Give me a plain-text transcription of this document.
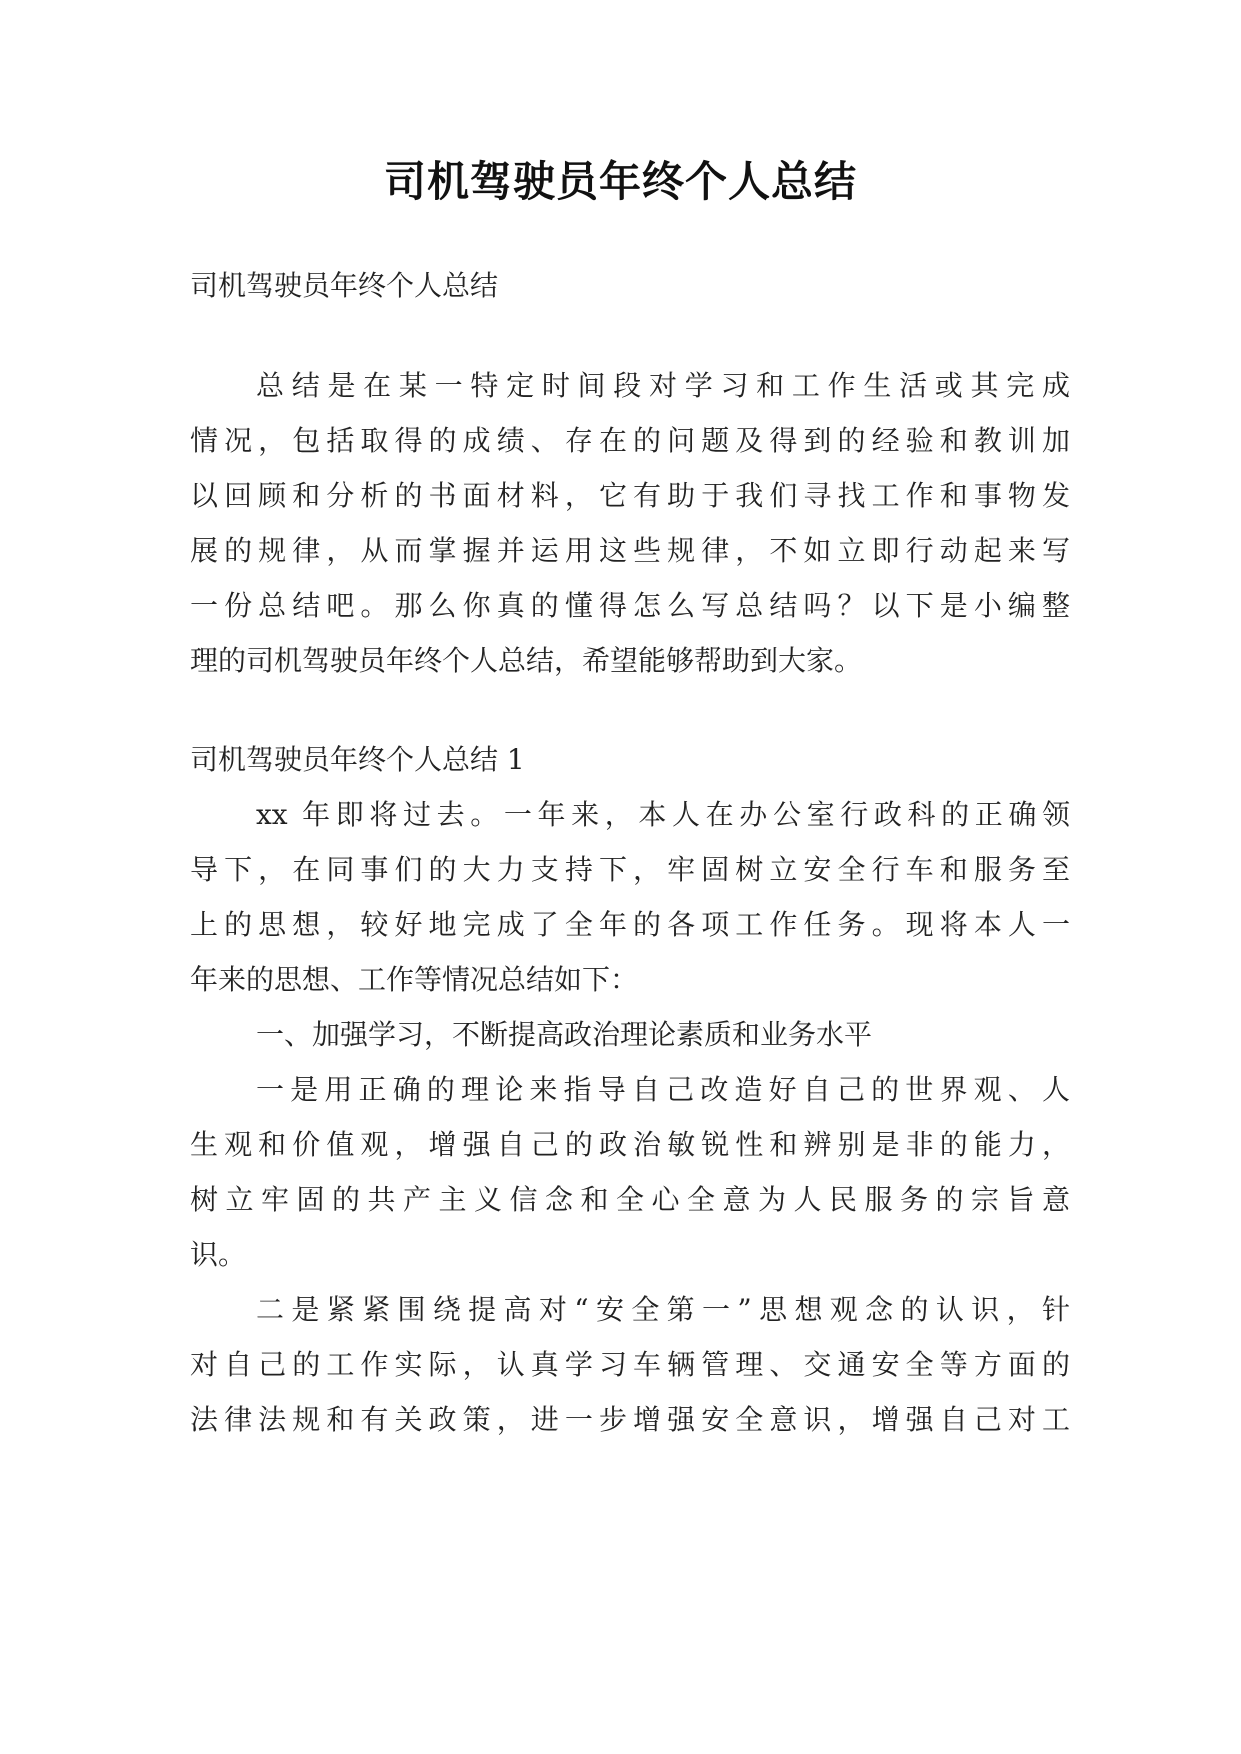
司机驾驶员年终个人总结
司机驾驶员年终个人总结
总结是在某一特定时间段对学习和工作生活或其完成
情况，包括取得的成绩、存在的问题及得到的经验和教训加
以回顾和分析的书面材料，它有助于我们寻找工作和事物发
展的规律，从而掌握并运用这些规律，不如立即行动起来写
一份总结吧。那么你真的懂得怎么写总结吗？以下是小编整
理的司机驾驶员年终个人总结，希望能够帮助到大家。
司机驾驶员年终个人总结 1
xx 年即将过去。一年来，本人在办公室行政科的正确领
导下，在同事们的大力支持下，牢固树立安全行车和服务至
上的思想，较好地完成了全年的各项工作任务。现将本人一
年来的思想、工作等情况总结如下：
一、加强学习，不断提高政治理论素质和业务水平
一是用正确的理论来指导自己改造好自己的世界观、人
生观和价值观，增强自己的政治敏锐性和辨别是非的能力，
树立牢固的共产主义信念和全心全意为人民服务的宗旨意
识。
二是紧紧围绕提高对“安全第一”思想观念的认识，针
对自己的工作实际，认真学习车辆管理、交通安全等方面的
法律法规和有关政策，进一步增强安全意识，增强自己对工
